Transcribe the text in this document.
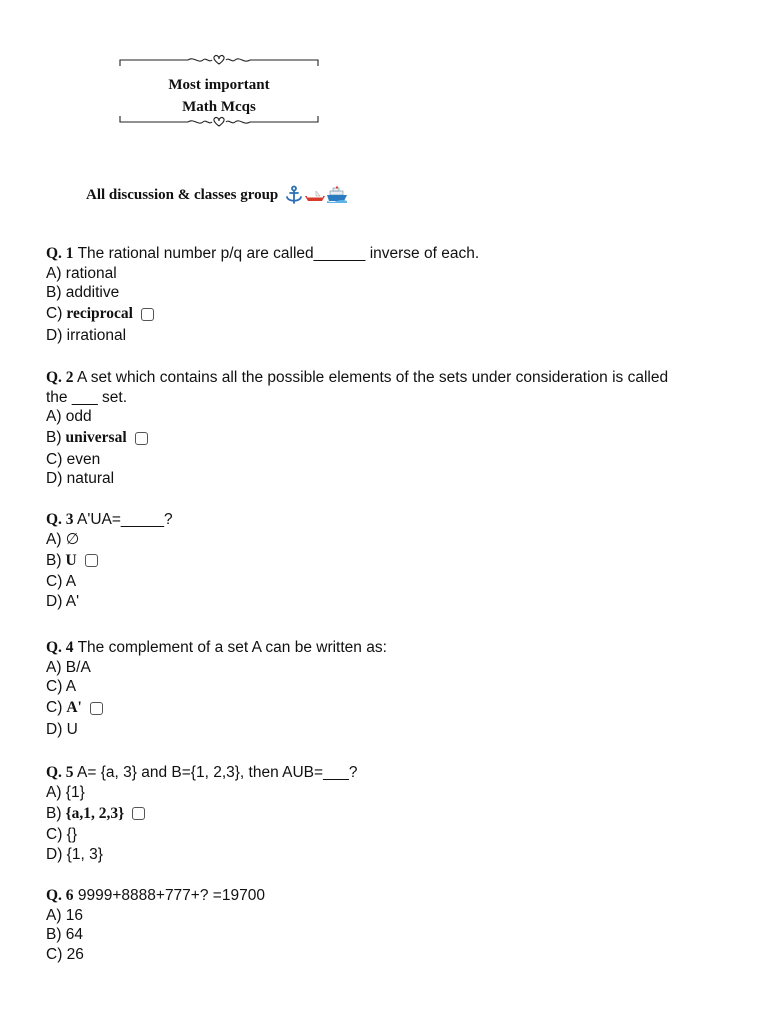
Most important
Math Mcqs
All discussion & classes group
Q. 1 The rational number p/q are called______ inverse of each.
A) rational
B) additive
C) reciprocal
D) irrational
Q. 2 A set which contains all the possible elements of the sets under consideration is called
the ___ set.
A) odd
B) universal
C) even
D) natural
Q. 3 A'UA=_____?
A) ∅
B) U
C) A
D) A'
Q. 4 The complement of a set A can be written as:
A) B/A
C) A
C) A'
D) U
Q. 5 A= {a, 3} and B={1, 2,3}, then AUB=___?
A) {1}
B) {a,1, 2,3}
C) {}
D) {1, 3}
Q. 6 9999+8888+777+? =19700
A) 16
B) 64
C) 26
